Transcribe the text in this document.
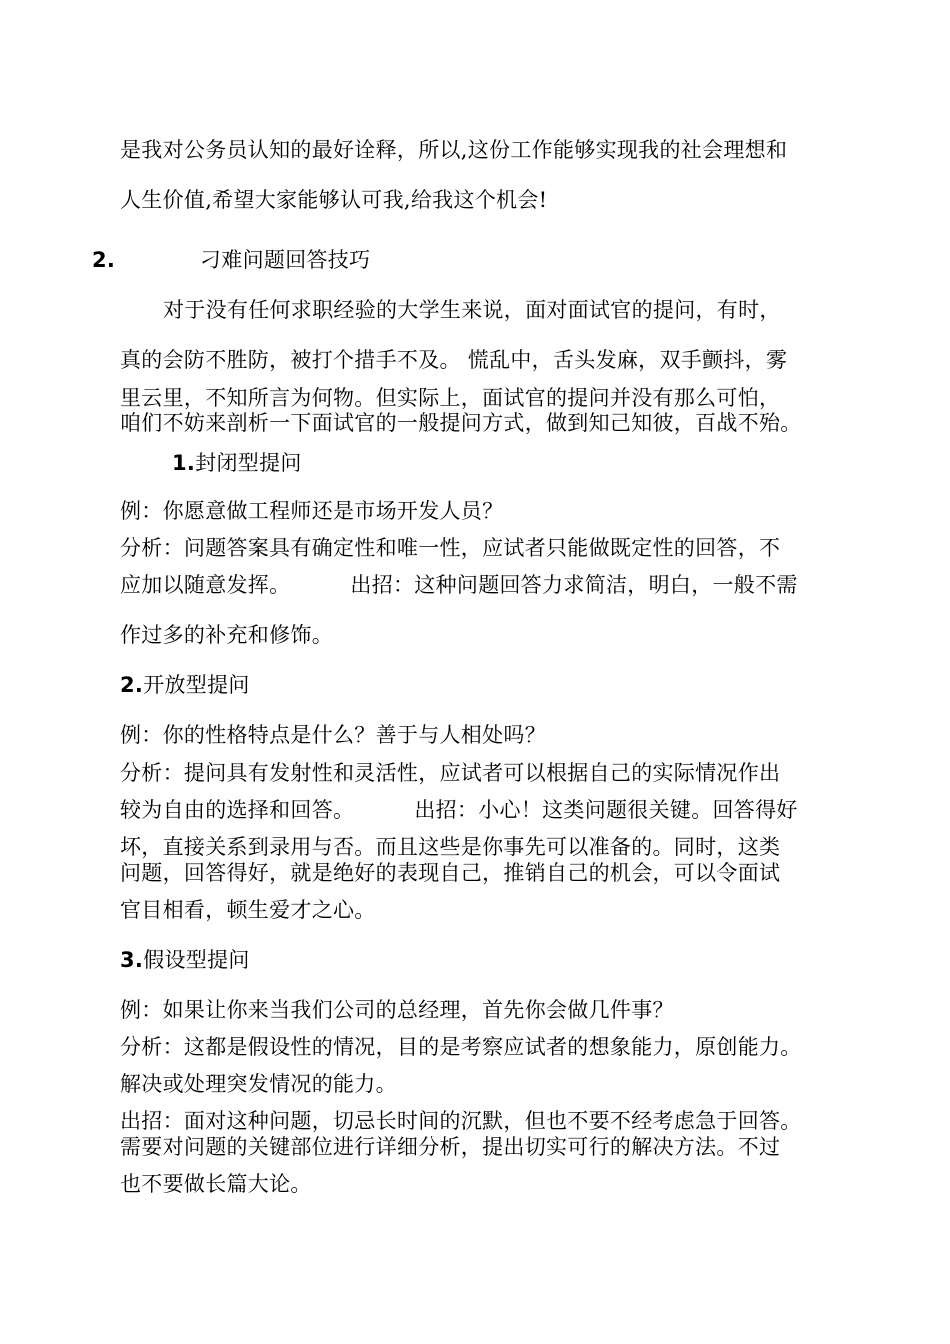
是我对公务员认知的最好诠释，所以,这份工作能够实现我的社会理想和
人生价值,希望大家能够认可我,给我这个机会!
2.	刁难问题回答技巧
对于没有任何求职经验的大学生来说，面对面试官的提问，有时，
真的会防不胜防，被打个措手不及。 慌乱中，舌头发麻，双手颤抖，雾
里云里，不知所言为何物。但实际上，面试官的提问并没有那么可怕，
咱们不妨来剖析一下面试官的一般提问方式，做到知己知彼，百战不殆。
1.封闭型提问
例：你愿意做工程师还是市场开发人员？
分析：问题答案具有确定性和唯一性，应试者只能做既定性的回答，不
应加以随意发挥。	出招：这种问题回答力求简洁，明白，一般不需
作过多的补充和修饰。
2.开放型提问
例：你的性格特点是什么？善于与人相处吗？
分析：提问具有发射性和灵活性，应试者可以根据自己的实际情况作出
较为自由的选择和回答。	出招：小心！这类问题很关键。回答得好
坏，直接关系到录用与否。而且这些是你事先可以准备的。同时，这类
问题，回答得好，就是绝好的表现自己，推销自己的机会，可以令面试
官目相看，顿生爱才之心。
3.假设型提问
例：如果让你来当我们公司的总经理，首先你会做几件事？
分析：这都是假设性的情况，目的是考察应试者的想象能力，原创能力。
解决或处理突发情况的能力。
出招：面对这种问题，切忌长时间的沉默，但也不要不经考虑急于回答。
需要对问题的关键部位进行详细分析，提出切实可行的解决方法。不过
也不要做长篇大论。
